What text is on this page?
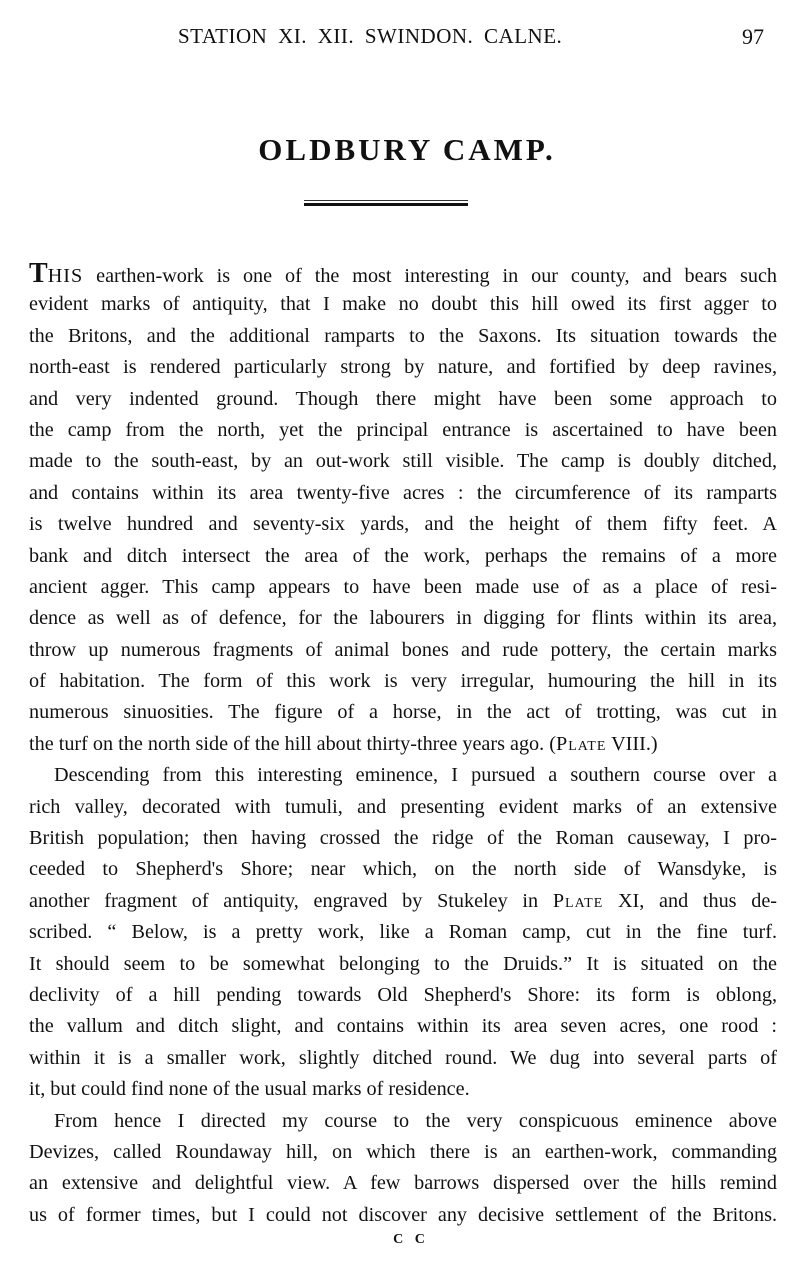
STATION XI. XII. SWINDON. CALNE.	97
OLDBURY CAMP.
THIS earthen-work is one of the most interesting in our county, and bears such
evident marks of antiquity, that I make no doubt this hill owed its first agger to
the Britons, and the additional ramparts to the Saxons. Its situation towards the
north-east is rendered particularly strong by nature, and fortified by deep ravines,
and very indented ground. Though there might have been some approach to
the camp from the north, yet the principal entrance is ascertained to have been
made to the south-east, by an out-work still visible. The camp is doubly ditched,
and contains within its area twenty-five acres : the circumference of its ramparts
is twelve hundred and seventy-six yards, and the height of them fifty feet. A
bank and ditch intersect the area of the work, perhaps the remains of a more
ancient agger. This camp appears to have been made use of as a place of resi-
dence as well as of defence, for the labourers in digging for flints within its area,
throw up numerous fragments of animal bones and rude pottery, the certain marks
of habitation. The form of this work is very irregular, humouring the hill in its
numerous sinuosities. The figure of a horse, in the act of trotting, was cut in
the turf on the north side of the hill about thirty-three years ago. (Plate VIII.)
Descending from this interesting eminence, I pursued a southern course over a
rich valley, decorated with tumuli, and presenting evident marks of an extensive
British population; then having crossed the ridge of the Roman causeway, I pro-
ceeded to Shepherd's Shore; near which, on the north side of Wansdyke, is
another fragment of antiquity, engraved by Stukeley in Plate XI, and thus de-
scribed. “ Below, is a pretty work, like a Roman camp, cut in the fine turf.
It should seem to be somewhat belonging to the Druids.” It is situated on the
declivity of a hill pending towards Old Shepherd's Shore: its form is oblong,
the vallum and ditch slight, and contains within its area seven acres, one rood :
within it is a smaller work, slightly ditched round. We dug into several parts of
it, but could find none of the usual marks of residence.
From hence I directed my course to the very conspicuous eminence above
Devizes, called Roundaway hill, on which there is an earthen-work, commanding
an extensive and delightful view. A few barrows dispersed over the hills remind
us of former times, but I could not discover any decisive settlement of the Britons.
C C
